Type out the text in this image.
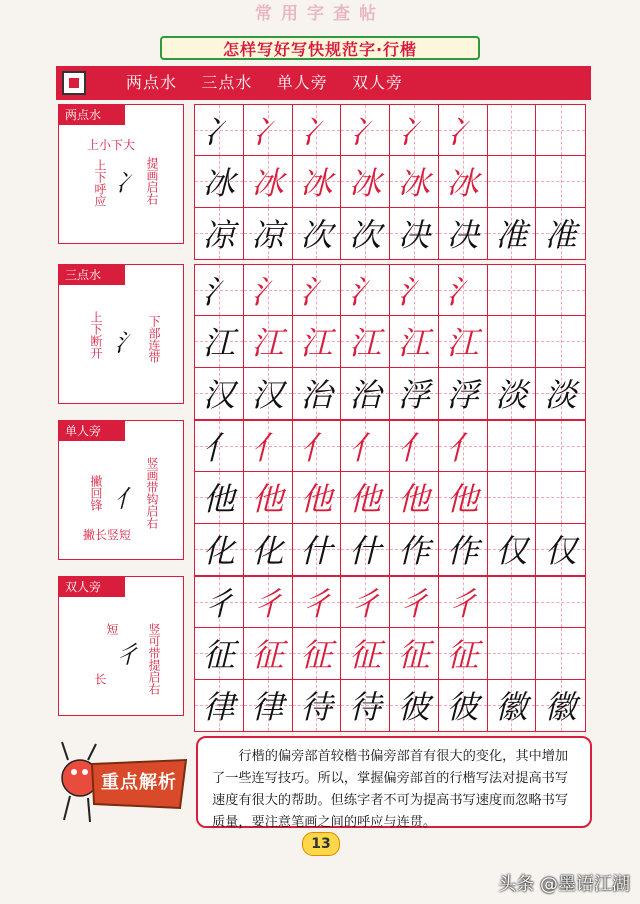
常用字查帖
怎样写好写快规范字·行楷
两点水    三点水    单人旁    双人旁
两点水
冫
上小下大
上下呼应	提画启右
冫 冫 冫 冫 冫 冫
冰 冰 冰 冰 冰 冰
凉 凉 次 次 决 决 准 准
三点水
氵
上下断开	下部连带
氵 氵 氵 氵 氵 氵
江 江 江 江 江 江
汉 汉 治 治 浮 浮 淡 淡
单人旁
亻
撇回锋	竖画带钩启右
撇长竖短
亻 亻 亻 亻 亻 亻
他 他 他 他 他 他
化 化 什 什 作 作 仅 仅
双人旁
彳
短
长	竖可带提启右
彳 彳 彳 彳 彳 彳
征 征 征 征 征 征
律 律 待 待 彼 彼 徽 徽
重点解析
行楷的偏旁部首较楷书偏旁部首有很大的变化，其中增加了一些连写技巧。所以，掌握偏旁部首的行楷写法对提高书写速度有很大的帮助。但练字者不可为提高书写速度而忽略书写质量，要注意笔画之间的呼应与连贯。
13
头条 @墨语江湖
